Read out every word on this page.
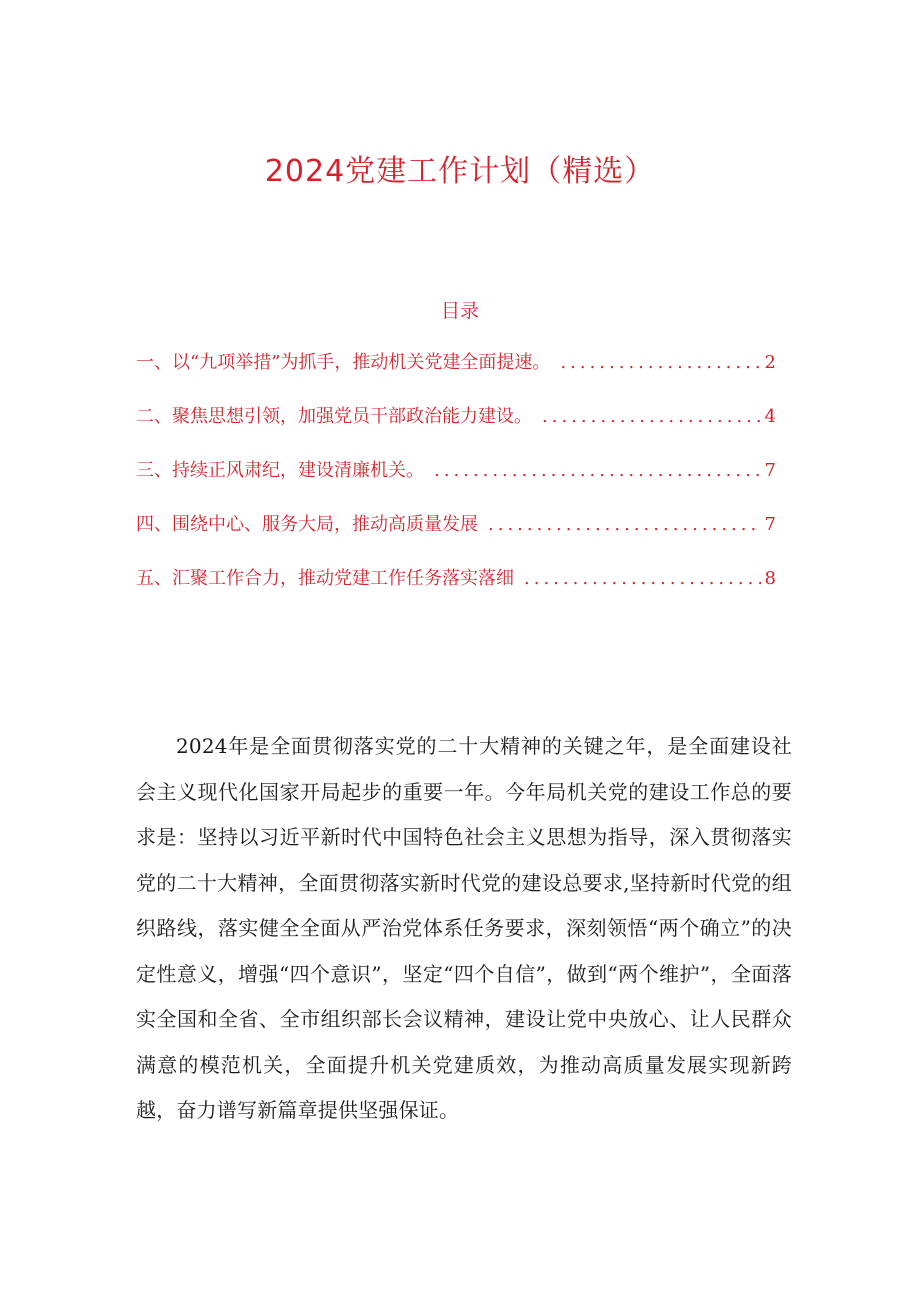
2024党建工作计划（精选）
目录
一、以“九项举措”为抓手，推动机关党建全面提速。 .....	2
二、聚焦思想引领，加强党员干部政治能力建设。 .....	4
三、持续正风肃纪，建设清廉机关。 .....	7
四、围绕中心、服务大局，推动高质量发展 .....	7
五、汇聚工作合力，推动党建工作任务落实落细 .....	8

2024年是全面贯彻落实党的二十大精神的关键之年，是全面建设社会主义现代化国家开局起步的重要一年。今年局机关党的建设工作总的要求是：坚持以习近平新时代中国特色社会主义思想为指导，深入贯彻落实党的二十大精神，全面贯彻落实新时代党的建设总要求,坚持新时代党的组织路线，落实健全全面从严治党体系任务要求，深刻领悟“两个确立”的决定性意义，增强“四个意识”，坚定“四个自信”，做到“两个维护”，全面落实全国和全省、全市组织部长会议精神，建设让党中央放心、让人民群众满意的模范机关，全面提升机关党建质效，为推动高质量发展实现新跨越，奋力谱写新篇章提供坚强保证。
